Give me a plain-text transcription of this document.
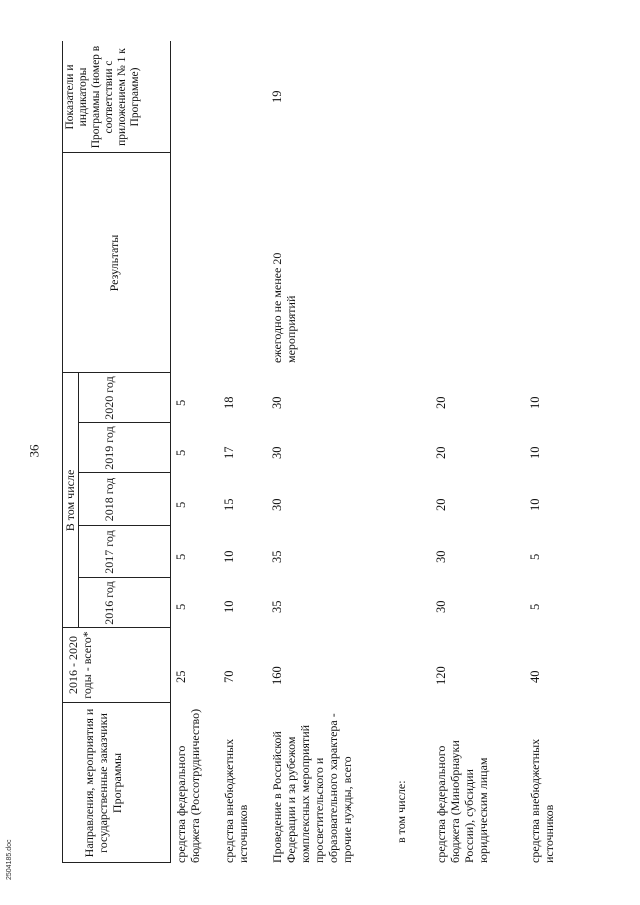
36
Направления, мероприятия и государственные заказчики Программы
2016 - 2020 годы - всего*
В том числе
2016 год
2017 год
2018 год
2019 год
2020 год
Результаты
Показатели и индикаторы Программы (номер в соответствии с приложением № 1 к Программе)
средства федерального бюджета (Россотрудничество)
25
5
5
5
5
5
средства внебюджетных источников
70
10
10
15
17
18
Проведение в Российской Федерации и за рубежом комплексных мероприятий просветительского и образовательного характера - прочие нужды, всего
160
35
35
30
30
30
ежегодно не менее 20 мероприятий
19
в том числе: средства федерального бюджета (Минобрнауки России), субсидии юридическим лицам
120
30
30
20
20
20
средства внебюджетных источников
40
5
5
10
10
10
2504185.doc
